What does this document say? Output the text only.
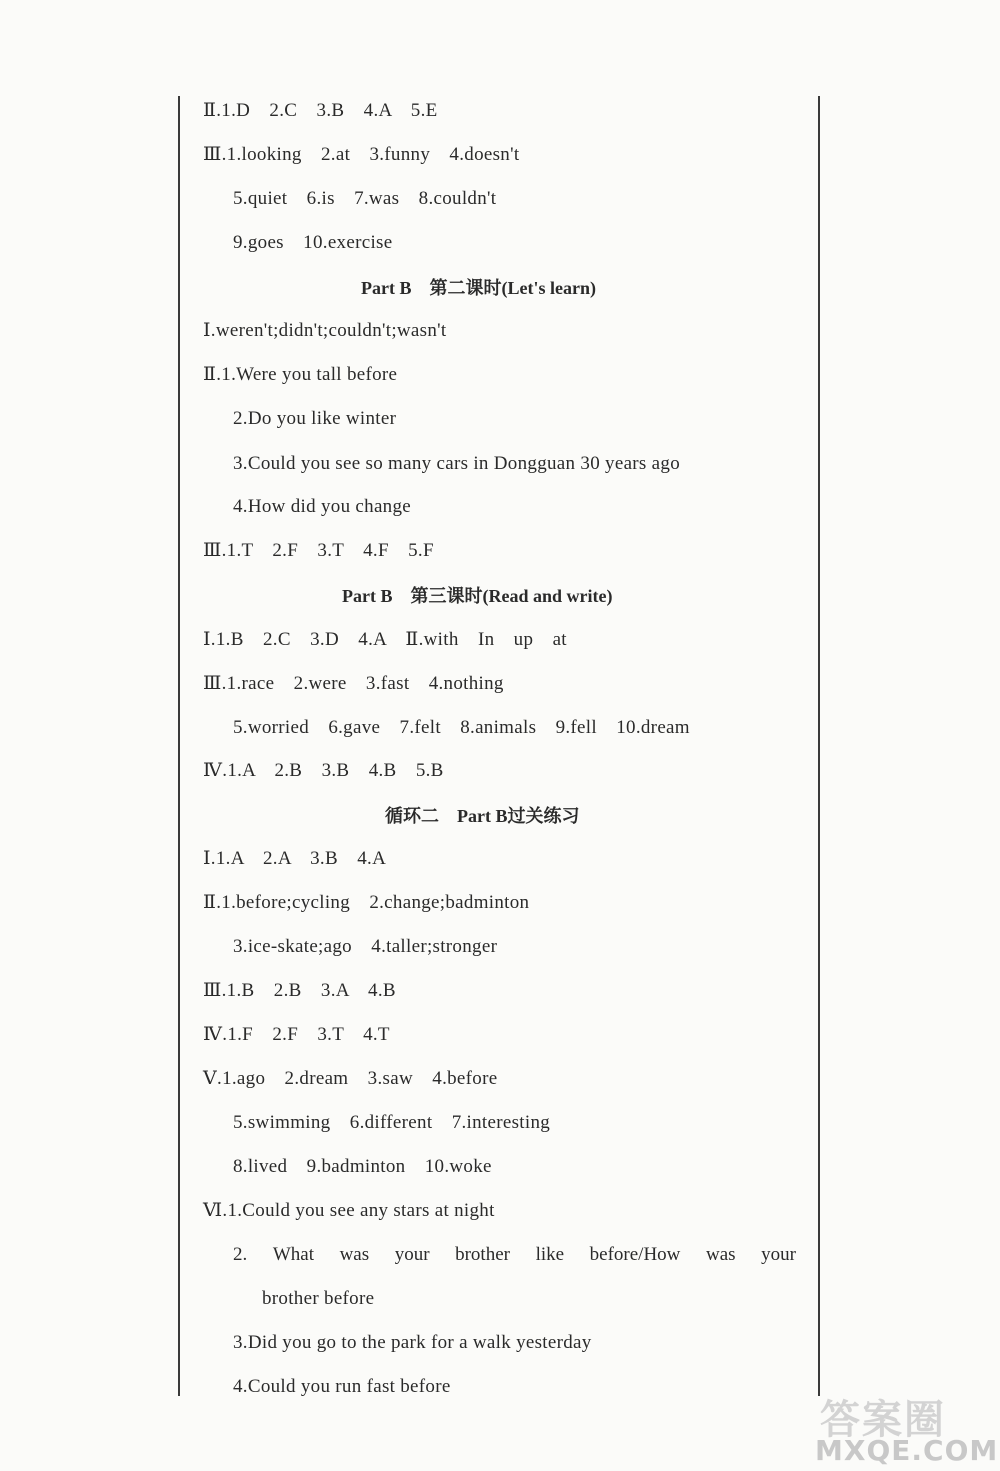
Ⅱ.1.D　2.C　3.B　4.A　5.E
Ⅲ.1.looking　2.at　3.funny　4.doesn't
5.quiet　6.is　7.was　8.couldn't
9.goes　10.exercise
Part B　第二课时(Let's learn)
Ⅰ.weren't;didn't;couldn't;wasn't
Ⅱ.1.Were you tall before
2.Do you like winter
3.Could you see so many cars in Dongguan 30 years ago
4.How did you change
Ⅲ.1.T　2.F　3.T　4.F　5.F
Part B　第三课时(Read and write)
Ⅰ.1.B　2.C　3.D　4.A　Ⅱ.with　In　up　at
Ⅲ.1.race　2.were　3.fast　4.nothing
5.worried　6.gave　7.felt　8.animals　9.fell　10.dream
Ⅳ.1.A　2.B　3.B　4.B　5.B
循环二　Part B过关练习
Ⅰ.1.A　2.A　3.B　4.A
Ⅱ.1.before;cycling　2.change;badminton
3.ice-skate;ago　4.taller;stronger
Ⅲ.1.B　2.B　3.A　4.B
Ⅳ.1.F　2.F　3.T　4.T
Ⅴ.1.ago　2.dream　3.saw　4.before
5.swimming　6.different　7.interesting
8.lived　9.badminton　10.woke
Ⅵ.1.Could you see any stars at night
2. What was your brother like before/How was your
brother before
3.Did you go to the park for a walk yesterday
4.Could you run fast before
答案圈
MXQE.COM
